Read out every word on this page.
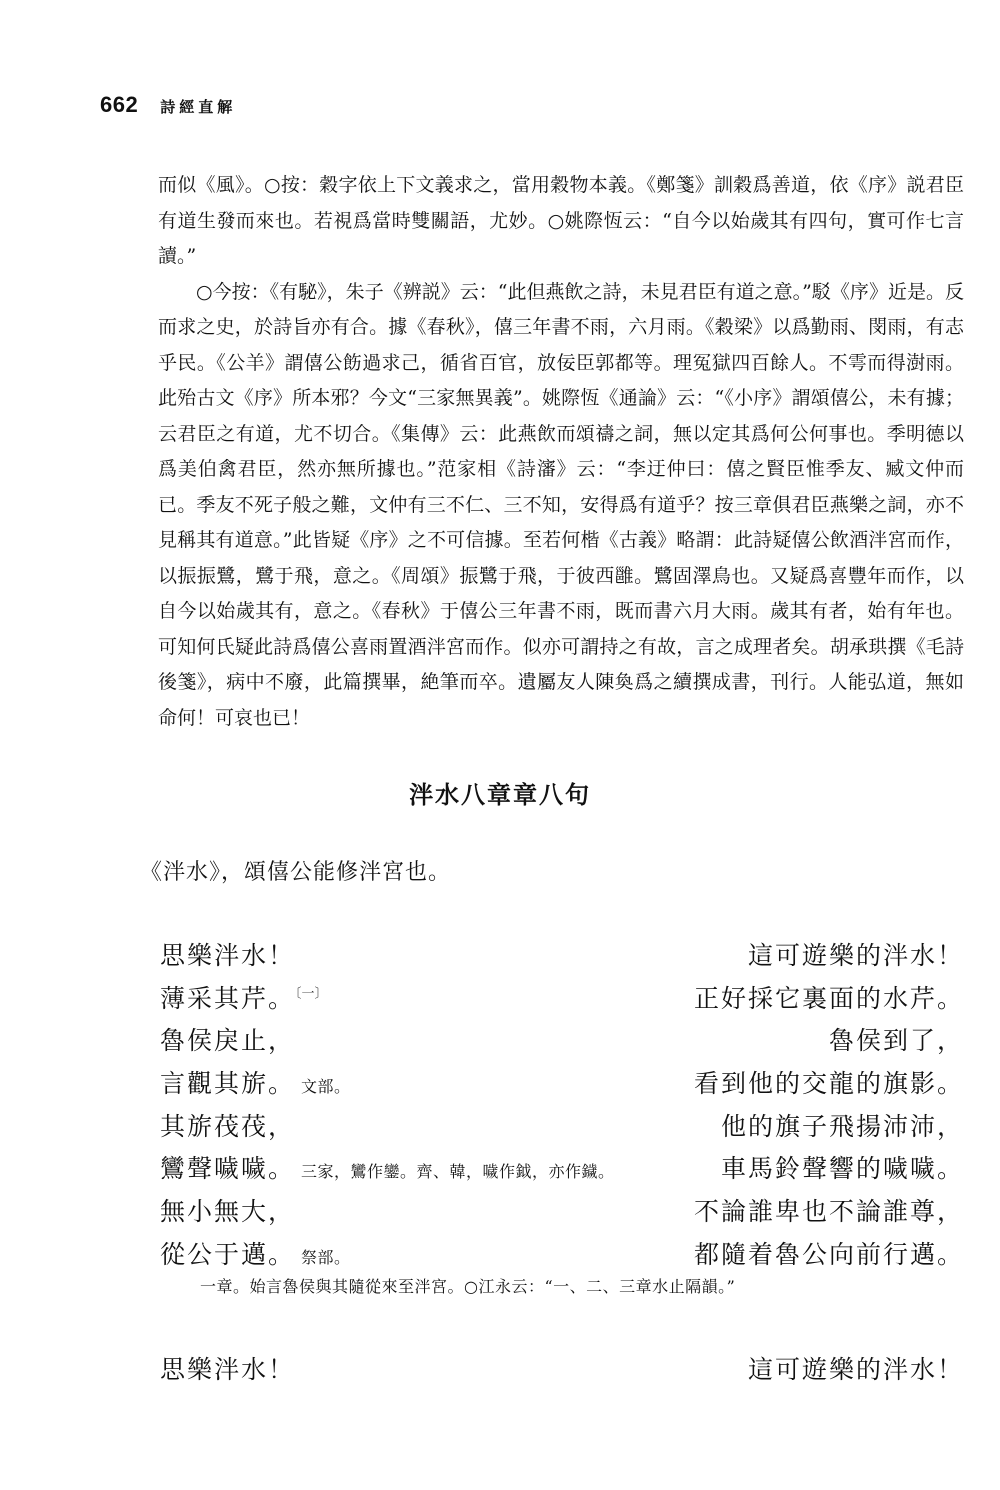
662 詩經直解

而似《風》。○按：穀字依上下文義求之，當用穀物本義。《鄭箋》訓穀爲善道，依《序》説君臣有道生發而來也。若視爲當時雙關語，尤妙。○姚際恆云：“自今以始歲其有四句，實可作七言讀。”

○今按：《有駜》，朱子《辨説》云：“此但燕飲之詩，未見君臣有道之意。”駁《序》近是。反而求之史，於詩旨亦有合。據《春秋》，僖三年書不雨，六月雨。《穀梁》以爲勤雨、閔雨，有志乎民。《公羊》謂僖公飭過求己，循省百官，放佞臣郭都等。理冤獄四百餘人。不雩而得澍雨。此殆古文《序》所本邪？今文“三家無異義”。姚際恆《通論》云：“《小序》謂頌僖公，未有據；云君臣之有道，尤不切合。《集傳》云：此燕飲而頌禱之詞，無以定其爲何公何事也。季明德以爲美伯禽君臣，然亦無所據也。”范家相《詩瀋》云：“李迂仲曰：僖之賢臣惟季友、臧文仲而已。季友不死子般之難，文仲有三不仁、三不知，安得爲有道乎？按三章俱君臣燕樂之詞，亦不見稱其有道意。”此皆疑《序》之不可信據。至若何楷《古義》略謂：此詩疑僖公飲酒泮宮而作，以振振鷺，鷺于飛，意之。《周頌》振鷺于飛，于彼西雝。鷺固澤鳥也。又疑爲喜豐年而作，以自今以始歲其有，意之。《春秋》于僖公三年書不雨，既而書六月大雨。歲其有者，始有年也。可知何氏疑此詩爲僖公喜雨置酒泮宮而作。似亦可謂持之有故，言之成理者矣。胡承珙撰《毛詩後箋》，病中不廢，此篇撰畢，絶筆而卒。遺屬友人陳奐爲之續撰成書，刊行。人能弘道，無如命何！可哀也已！

泮水八章章八句
《泮水》，頌僖公能修泮宮也。
思樂泮水！	這可遊樂的泮水！
薄采其芹。$^{〔一〕}$	正好採它裏面的水芹。
魯侯戾止，	魯侯到了，
言觀其旂。 文部。	看到他的交龍的旗影。
其旂茷茷，	他的旗子飛揚沛沛，
鸞聲噦噦。 三家，鸞作鑾。齊、韓，噦作鉞，亦作鐬。	車馬鈴聲響的噦噦。
無小無大，	不論誰卑也不論誰尊，
從公于邁。 祭部。	都隨着魯公向前行邁。
一章。始言魯侯與其隨從來至泮宮。○江永云：“一、二、三章水止隔韻。”
思樂泮水！	這可遊樂的泮水！
